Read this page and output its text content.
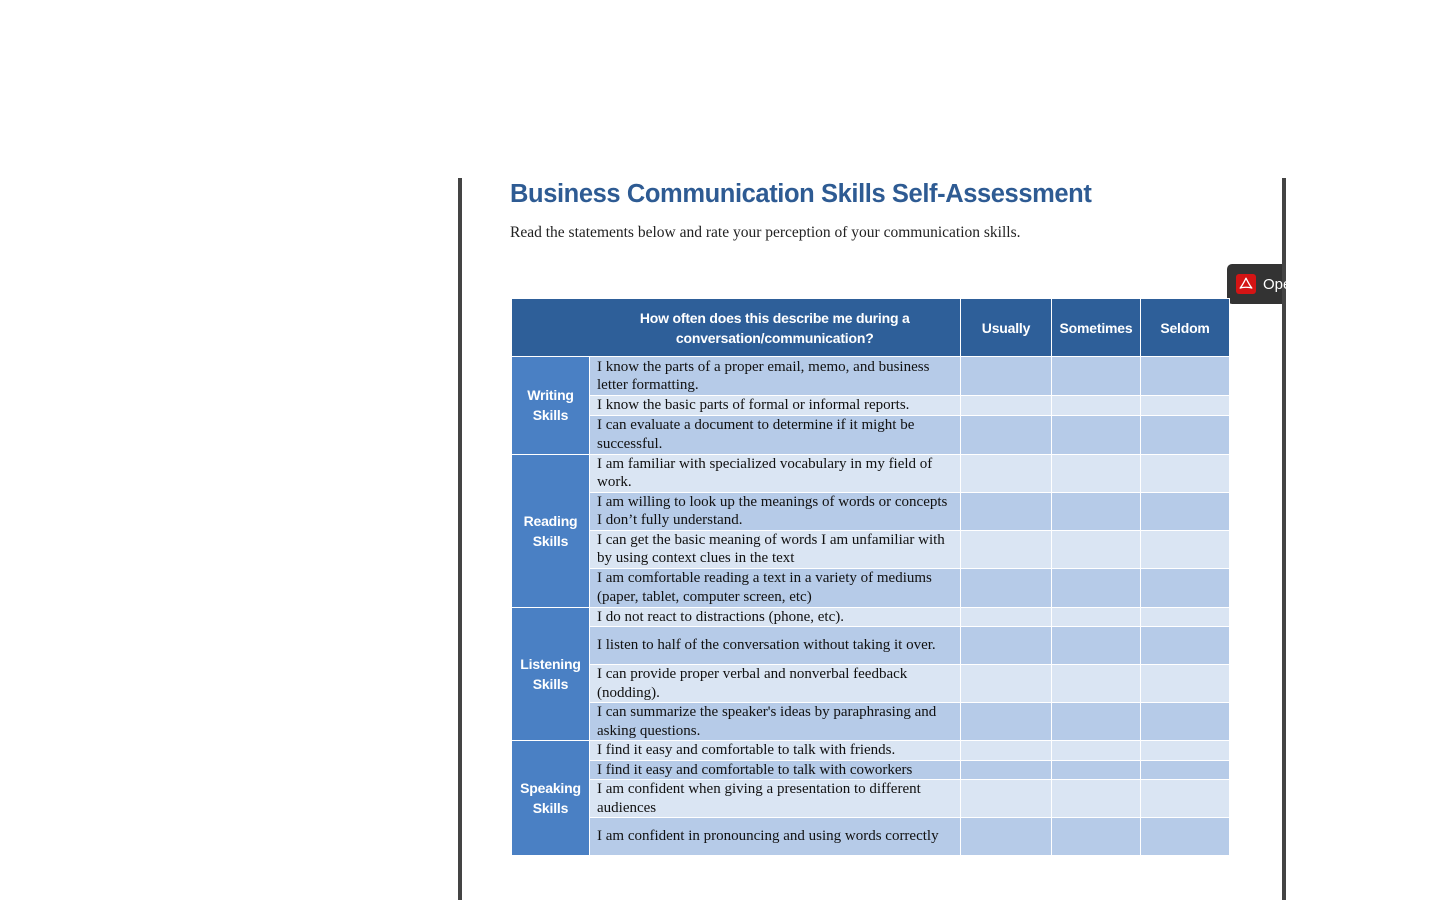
Business Communication Skills Self-Assessment

Read the statements below and rate your perception of your communication skills.

Open
	How often does this describe me during a
conversation/communication?	Usually	Sometimes	Seldom
Writing
Skills	I know the parts of a proper email, memo, and business letter formatting.			
	I know the basic parts of formal or informal reports.			
	I can evaluate a document to determine if it might be successful.			
Reading
Skills	I am familiar with specialized vocabulary in my field of work.			
	I am willing to look up the meanings of words or concepts I don’t fully understand.			
	I can get the basic meaning of words I am unfamiliar with by using context clues in the text			
	I am comfortable reading a text in a variety of mediums (paper, tablet, computer screen, etc)			
Listening
Skills	I do not react to distractions (phone, etc).			
	I listen to half of the conversation without taking it over.			
	I can provide proper verbal and nonverbal feedback (nodding).			
	I can summarize the speaker's ideas by paraphrasing and asking questions.			
Speaking
Skills	I find it easy and comfortable to talk with friends.			
	I find it easy and comfortable to talk with coworkers			
	I am confident when giving a presentation to different audiences			
	I am confident in pronouncing and using words correctly			
